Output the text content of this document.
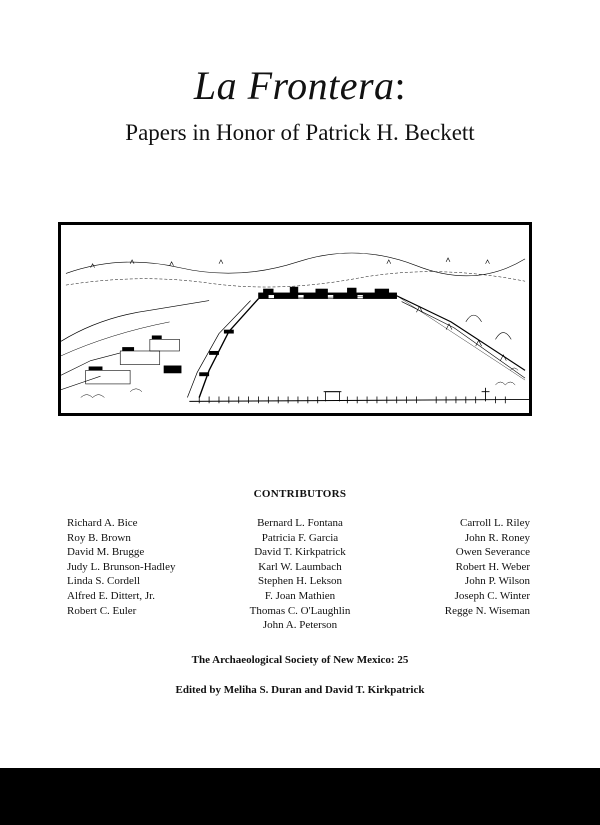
La Frontera:
Papers in Honor of Patrick H. Beckett
CONTRIBUTORS
Richard A. Bice
Roy B. Brown
David M. Brugge
Judy L. Brunson-Hadley
Linda S. Cordell
Alfred E. Dittert, Jr.
Robert C. Euler
Bernard L. Fontana
Patricia F. Garcia
David T. Kirkpatrick
Karl W. Laumbach
Stephen H. Lekson
F. Joan Mathien
Thomas C. O'Laughlin
John A. Peterson
Carroll L. Riley
John R. Roney
Owen Severance
Robert H. Weber
John P. Wilson
Joseph C. Winter
Regge N. Wiseman
The Archaeological Society of New Mexico: 25
Edited by Meliha S. Duran and David T. Kirkpatrick
